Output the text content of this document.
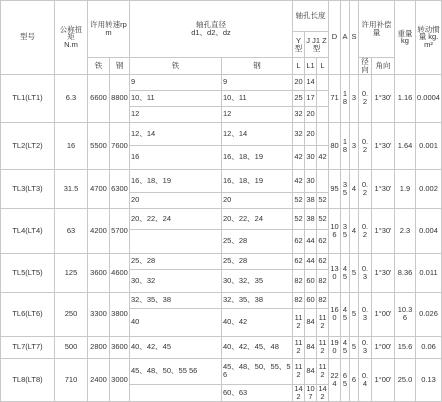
型号	公称扭
矩
N.m	许用转速rp m		轴孔直径
d1、d2、dz		轴孔长度			D	A	S	许用补偿量		重量 kg	转动惯量 kg.m²
						Y型	J J1 Z型								
		铁	钢	铁	钢	L	L1	L				径向	角向		
TL1(LT1)	6.3	6600	8800	9	9	20	14		71	18	3	0.2	1°30'	1.16	0.0004
				10、11	10、11	25	17								
				12	12	32	20								
TL2(LT2)	16	5500	7600	12、14	12、14	32	20		80	18	3	0.2	1°30'	1.64	0.001
				16	16、18、19	42	30	42							
TL3(LT3)	31.5	4700	6300	16、18、19	16、18、19	42	30		95	35	4	0.2	1°30'	1.9	0.002
				20	20	52	38	52							
TL4(LT4)	63	4200	5700	20、22、24	20、22、24	52	38	52	106	35	4	0.2	1°30'	2.3	0.004
					25、28	62	44	62							
TL5(LT5)	125	3600	4600	25、28	25、28	62	44	62	130	45	5	0.3	1°30'	8.36	0.011
				30、32	30、32、35	82	60	82							
TL6(LT6)	250	3300	3800	32、35、38	32、35、38	82	60	82	160	45	5	0.3	1°00'	10.36	0.026
				40	40、42	112	84	112							
TL7(LT7)	500	2800	3600	40、42、45	40、42、45、48	112	84	112	190	45	5	0.3	1°00'	15.6	0.06
TL8(LT8)	710	2400	3000	45、48、50、55 56	45、48、50、55、56	112	84	112	224	65	6	0.4	1°00'	25.0	0.13
					60、63	142	107	142							
